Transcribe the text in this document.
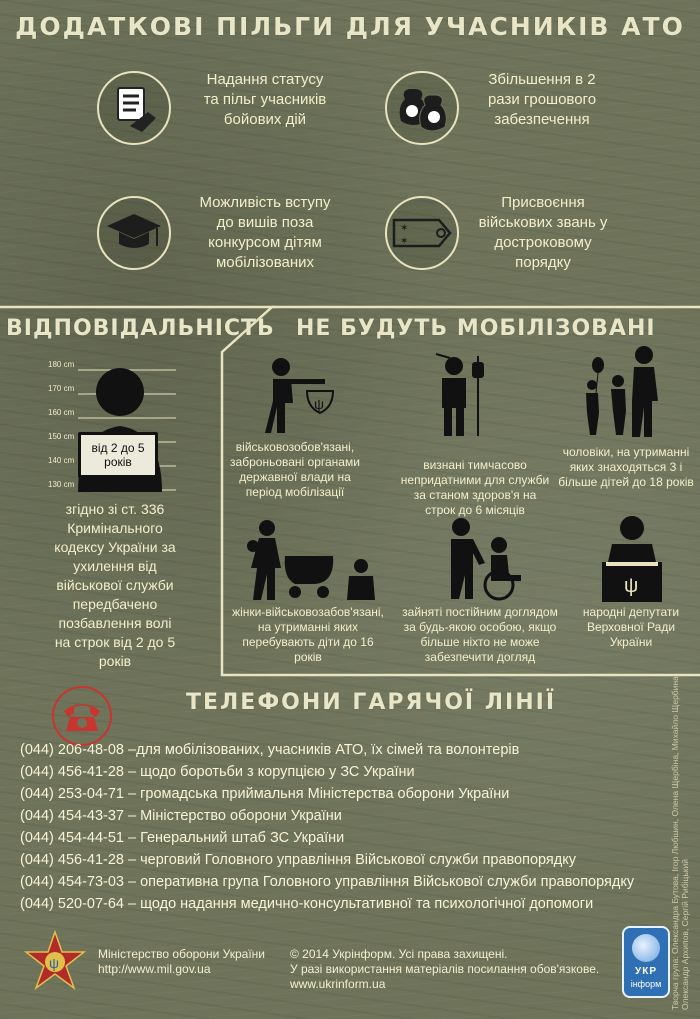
ДОДАТКОВІ ПІЛЬГИ ДЛЯ УЧАСНИКІВ АТО
Надання статусу та пільг учасників бойових дій
Збільшення в 2 рази грошового забезпечення
Можливість вступу до вишів поза конкурсом дітям мобілізованих
✶
✶
Присвоєння військових звань у достроковому порядку
ВІДПОВІДАЛЬНІСТЬ
180 cm
170 cm
160 cm
150 cm
140 cm
130 cm
від 2 до 5 років
згідно зі ст. 336 Кримінального кодексу України за ухилення від військової служби передбачено позбавлення волі на строк від 2 до 5 років
НЕ БУДУТЬ МОБІЛІЗОВАНІ
ψ
військовозобов'язані, заброньовані органами державної влади на період мобілізації
визнані тимчасово непридатними для служби за станом здоров'я на строк до 6 місяців
чоловіки, на утриманні яких знаходяться 3 і більше дітей до 18 років
ψ
жінки-військовозабов'язані, на утриманні яких перебувають діти до 16 років
зайняті постійним доглядом за будь-якою особою, якщо більше ніхто не може забезпечити догляд
народні депутати Верховної Ради України
ТЕЛЕФОНИ ГАРЯЧОЇ ЛІНІЇ
(044) 206-48-08 –для мобілізованих, учасників АТО, їх сімей та волонтерів
(044) 456-41-28 – щодо боротьби з корупцією у ЗС України
(044) 253-04-71 – громадська приймальня Міністерства оборони України
(044) 454-43-37 – Міністерство оборони України
(044) 454-44-51 – Генеральний штаб ЗС України
(044) 456-41-28 – черговий Головного управління Військової служби правопорядку
(044) 454-73-03 – оперативна група Головного управління Військової служби правопорядку
(044) 520-07-64 – щодо надання медично-консультативної та психологічної допомоги
ψ
Міністерство оборони України
http://www.mil.gov.ua
© 2014 Укрінформ. Усі права захищені.
У разі використання матеріалів посилання обов'язкове.
www.ukrinform.ua
УКР
інформ	Творча група: Олександра Бутова, Ігор Любшин, Олена Щербіна, Михайло Щербина, Олександр Архипов, Сергій Рибіцький
